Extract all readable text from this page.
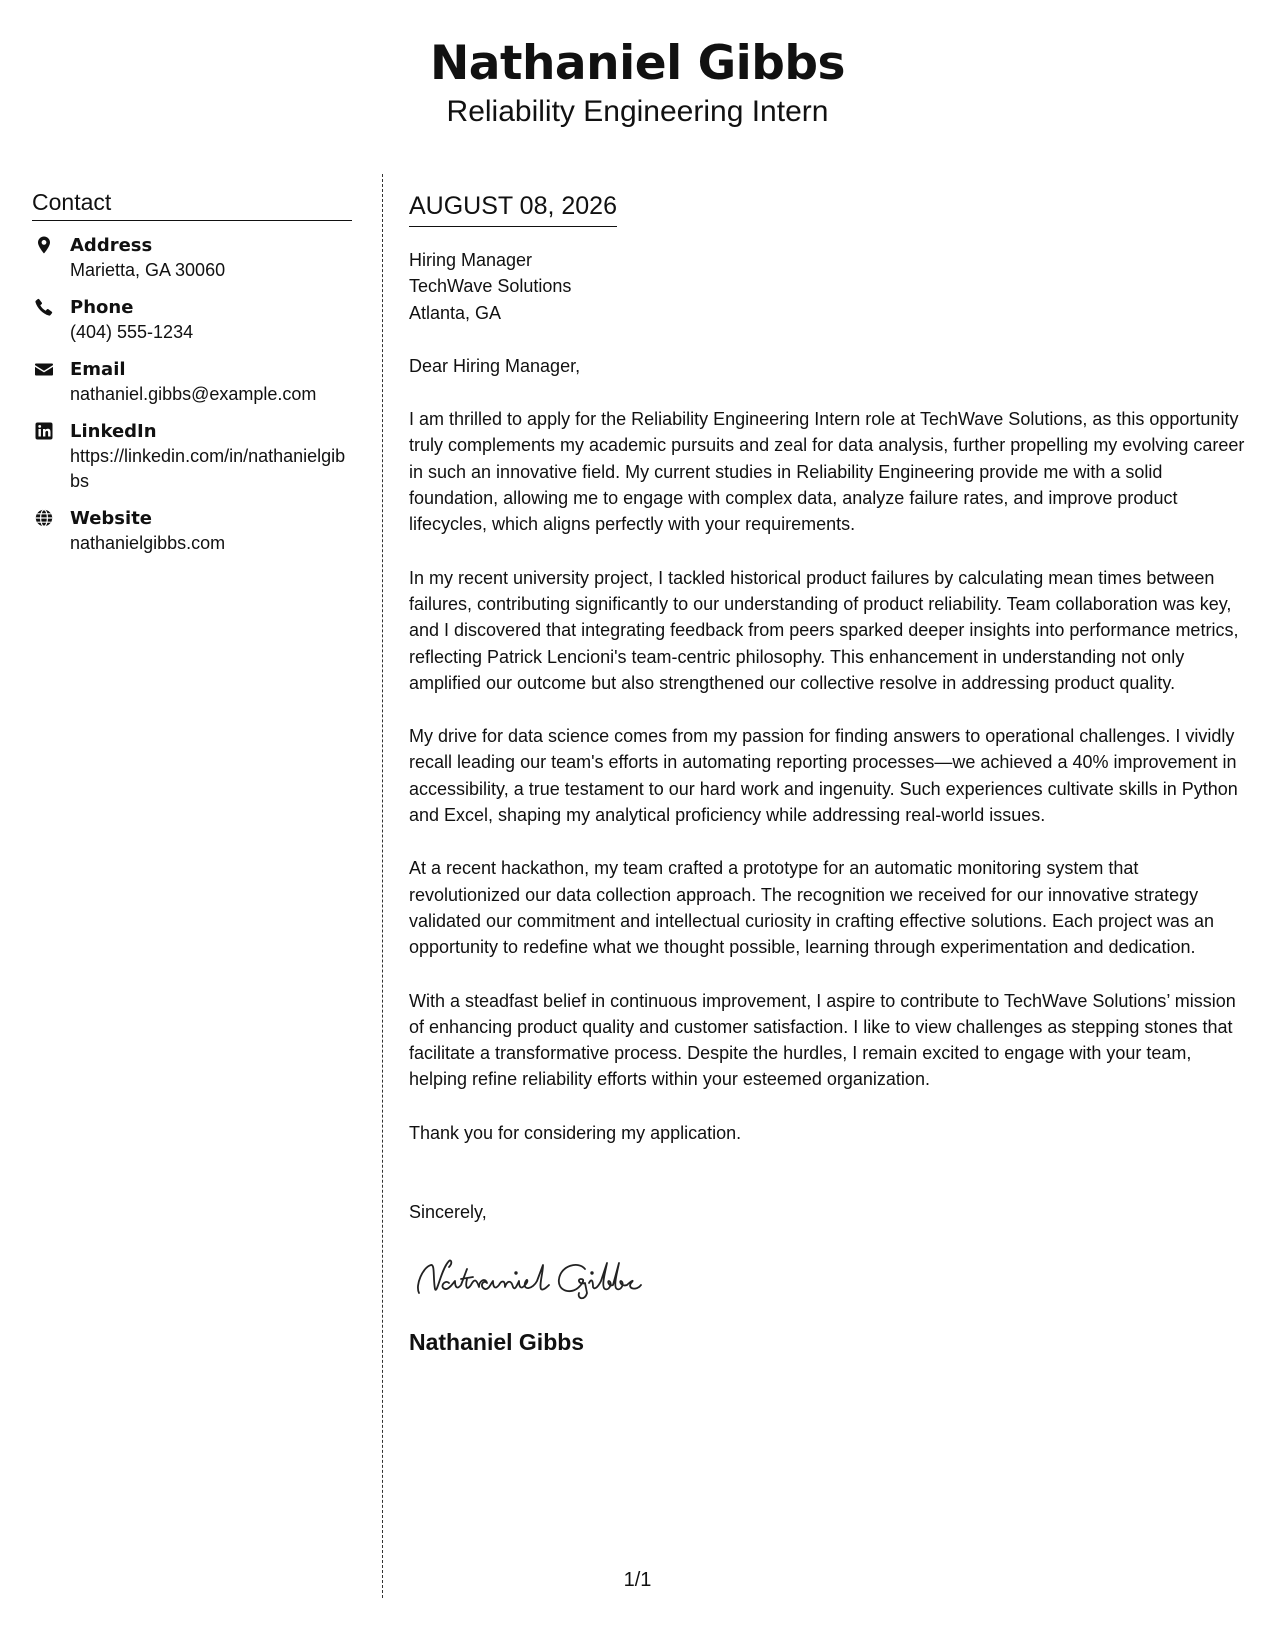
Nathaniel Gibbs

Reliability Engineering Intern

Contact
Address
Marietta, GA 30060
Phone
(404) 555-1234
Email
nathaniel.gibbs@example.com
LinkedIn
https://linkedin.com/in/nathanielgibbs
Website
nathanielgibbs.com
AUGUST 08, 2026
Hiring Manager
TechWave Solutions
Atlanta, GA
Dear Hiring Manager,

I am thrilled to apply for the Reliability Engineering Intern role at TechWave Solutions, as this opportunity truly complements my academic pursuits and zeal for data analysis, further propelling my evolving career in such an innovative field. My current studies in Reliability Engineering provide me with a solid foundation, allowing me to engage with complex data, analyze failure rates, and improve product lifecycles, which aligns perfectly with your requirements.

In my recent university project, I tackled historical product failures by calculating mean times between failures, contributing significantly to our understanding of product reliability. Team collaboration was key, and I discovered that integrating feedback from peers sparked deeper insights into performance metrics, reflecting Patrick Lencioni's team-centric philosophy. This enhancement in understanding not only amplified our outcome but also strengthened our collective resolve in addressing product quality.

My drive for data science comes from my passion for finding answers to operational challenges. I vividly recall leading our team's efforts in automating reporting processes—we achieved a 40% improvement in accessibility, a true testament to our hard work and ingenuity. Such experiences cultivate skills in Python and Excel, shaping my analytical proficiency while addressing real-world issues.

At a recent hackathon, my team crafted a prototype for an automatic monitoring system that revolutionized our data collection approach. The recognition we received for our innovative strategy validated our commitment and intellectual curiosity in crafting effective solutions. Each project was an opportunity to redefine what we thought possible, learning through experimentation and dedication.

With a steadfast belief in continuous improvement, I aspire to contribute to TechWave Solutions’ mission of enhancing product quality and customer satisfaction. I like to view challenges as stepping stones that facilitate a transformative process. Despite the hurdles, I remain excited to engage with your team, helping refine reliability efforts within your esteemed organization.

Thank you for considering my application.

Sincerely,
Nathaniel Gibbs
1/1
